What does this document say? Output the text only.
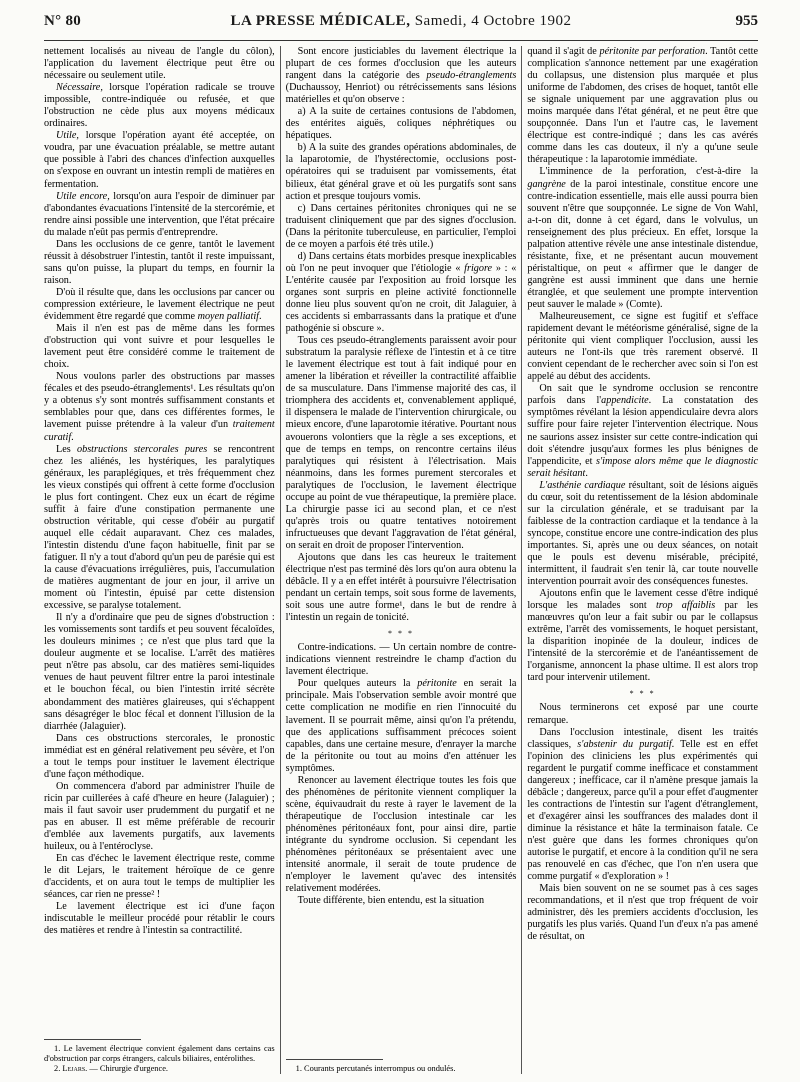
N° 80	LA PRESSE MÉDICALE, Samedi, 4 Octobre 1902	955

nettement localisés au niveau de l'angle du côlon), l'application du lavement électrique peut être ou nécessaire ou seulement utile.

Nécessaire, lorsque l'opération radicale se trouve impossible, contre-indiquée ou refusée, et que l'obstruction ne cède plus aux moyens médicaux ordinaires.

Utile, lorsque l'opération ayant été acceptée, on voudra, par une évacuation préalable, se mettre autant que possible à l'abri des chances d'infection auxquelles on s'expose en ouvrant un intestin rempli de matières en fermentation.

Utile encore, lorsqu'on aura l'espoir de diminuer par d'abondantes évacuations l'intensité de la stercorémie, et rendre ainsi possible une intervention, que l'état précaire du malade n'eût pas permis d'entreprendre.

Dans les occlusions de ce genre, tantôt le lavement réussit à désobstruer l'intestin, tantôt il reste impuissant, sans qu'on puisse, la plupart du temps, en fournir la raison.

D'où il résulte que, dans les occlusions par cancer ou compression extérieure, le lavement électrique ne peut évidemment être regardé que comme moyen palliatif.

Mais il n'en est pas de même dans les formes d'obstruction qui vont suivre et pour lesquelles le lavement peut être considéré comme le traitement de choix.

Nous voulons parler des obstructions par masses fécales et des pseudo-étranglements¹. Les résultats qu'on y a obtenus s'y sont montrés suffisamment constants et semblables pour que, dans ces différentes formes, le lavement puisse prétendre à la valeur d'un traitement curatif.

Les obstructions stercorales pures se rencontrent chez les aliénés, les hystériques, les paralytiques généraux, les paraplégiques, et très fréquemment chez les vieux constipés qui offrent à cette forme d'occlusion le plus fort contingent. Chez eux un écart de régime suffit à faire d'une constipation permanente une obstruction véritable, qui cesse d'obéir au purgatif auquel elle cédait auparavant. Chez ces malades, l'intestin distendu d'une façon habituelle, finit par se fatiguer. Il n'y a tout d'abord qu'un peu de parésie qui est la cause d'évacuations irrégulières, puis, l'accumulation de matières augmentant de jour en jour, il arrive un moment où l'intestin, épuisé par cette distension excessive, se paralyse totalement.

Il n'y a d'ordinaire que peu de signes d'obstruction : les vomissements sont tardifs et peu souvent fécaloïdes, les douleurs minimes ; ce n'est que plus tard que la douleur augmente et se localise. L'arrêt des matières peut n'être pas absolu, car des matières semi-liquides venues de haut peuvent filtrer entre la paroi intestinale et le bouchon fécal, ou bien l'intestin irrité sécrète abondamment des matières glaireuses, qui s'échappent sans désagréger le bloc fécal et donnent l'illusion de la diarrhée (Jalaguier).

Dans ces obstructions stercorales, le pronostic immédiat est en général relativement peu sévère, et l'on a tout le temps pour instituer le lavement électrique d'une façon méthodique.

On commencera d'abord par administrer l'huile de ricin par cuillerées à café d'heure en heure (Jalaguier) ; mais il faut savoir user prudemment du purgatif et ne pas en abuser. Il est même préférable de recourir d'emblée aux lavements purgatifs, aux lavements huileux, ou à l'entéroclyse.

En cas d'échec le lavement électrique reste, comme le dit Lejars, le traitement héroïque de ce genre d'accidents, et on aura tout le temps de multiplier les séances, car rien ne presse² !

Le lavement électrique est ici d'une façon indiscutable le meilleur procédé pour rétablir le cours des matières et rendre à l'intestin sa contractilité.

1. Le lavement électrique convient également dans certains cas d'obstruction par corps étrangers, calculs biliaires, entérolithes.

2. Lejars. — Chirurgie d'urgence.

Sont encore justiciables du lavement électrique la plupart de ces formes d'occlusion que les auteurs rangent dans la catégorie des pseudo-étranglements (Duchaussoy, Henriot) ou rétrécissements sans lésions matérielles et qu'on observe :

a) A la suite de certaines contusions de l'abdomen, des entérites aiguës, coliques néphrétiques ou hépatiques.

b) A la suite des grandes opérations abdominales, de la laparotomie, de l'hystérectomie, occlusions post-opératoires qui se traduisent par vomissements, état bilieux, état général grave et où les purgatifs sont sans action et presque toujours vomis.

c) Dans certaines péritonites chroniques qui ne se traduisent cliniquement que par des signes d'occlusion. (Dans la péritonite tuberculeuse, en particulier, l'emploi de ce moyen a parfois été très utile.)

d) Dans certains états morbides presque inexplicables où l'on ne peut invoquer que l'étiologie « frigore » : « L'entérite causée par l'exposition au froid lorsque les organes sont surpris en pleine activité fonctionnelle donne lieu plus souvent qu'on ne croit, dit Jalaguier, à ces accidents si embarrassants dans la pratique et d'une pathogénie si obscure ».

Tous ces pseudo-étranglements paraissent avoir pour substratum la paralysie réflexe de l'intestin et à ce titre le lavement électrique est tout à fait indiqué pour en amener la libération et réveiller la contractilité affaiblie de sa musculature. Dans l'immense majorité des cas, il triomphera des accidents et, convenablement appliqué, il dispensera le malade de l'intervention chirurgicale, ou mieux encore, d'une laparotomie itérative. Pourtant nous avouerons volontiers que la règle a ses exceptions, et que de temps en temps, on rencontre certains iléus paralytiques qui résistent à l'électrisation. Mais néanmoins, dans les formes purement stercorales et paralytiques de l'occlusion, le lavement électrique occupe au point de vue thérapeutique, la première place. La chirurgie passe ici au second plan, et ce n'est qu'après trois ou quatre tentatives notoirement infructueuses que devant l'aggravation de l'état général, on serait en droit de proposer l'intervention.

Ajoutons que dans les cas heureux le traitement électrique n'est pas terminé dès lors qu'on aura obtenu la débâcle. Il y a en effet intérêt à poursuivre l'électrisation pendant un certain temps, soit sous forme de lavements, soit sous une autre forme¹, dans le but de rendre à l'intestin un regain de tonicité.

* * *

Contre-indications. — Un certain nombre de contre-indications viennent restreindre le champ d'action du lavement électrique.

Pour quelques auteurs la péritonite en serait la principale. Mais l'observation semble avoir montré que cette complication ne modifie en rien l'innocuité du lavement. Il se pourrait même, ainsi qu'on l'a prétendu, que des applications suffisamment précoces soient capables, dans une certaine mesure, d'enrayer la marche de la péritonite ou tout au moins d'en atténuer les symptômes.

Renoncer au lavement électrique toutes les fois que des phénomènes de péritonite viennent compliquer la scène, équivaudrait du reste à rayer le lavement de la thérapeutique de l'occlusion intestinale car les phénomènes péritonéaux font, pour ainsi dire, partie intégrante du syndrome occlusion. Si cependant les phénomènes péritonéaux se présentaient avec une intensité anormale, il serait de toute prudence de n'employer le lavement qu'avec des intensités relativement modérées.

Toute différente, bien entendu, est la situation

1. Courants percutanés interrompus ou ondulés.

quand il s'agit de péritonite par perforation. Tantôt cette complication s'annonce nettement par une exagération du collapsus, une distension plus marquée et plus uniforme de l'abdomen, des crises de hoquet, tantôt elle se signale uniquement par une aggravation plus ou moins marquée dans l'état général, et ne peut être que soupçonnée. Dans l'un et l'autre cas, le lavement électrique est contre-indiqué ; dans les cas avérés comme dans les cas douteux, il n'y a qu'une seule thérapeutique : la laparotomie immédiate.

L'imminence de la perforation, c'est-à-dire la gangrène de la paroi intestinale, constitue encore une contre-indication essentielle, mais elle aussi pourra bien souvent n'être que soupçonnée. Le signe de Von Wahl, a-t-on dit, donne à cet égard, dans le volvulus, un renseignement des plus précieux. En effet, lorsque la palpation attentive révèle une anse intestinale distendue, résistante, fixe, et ne présentant aucun mouvement péristaltique, on peut « affirmer que le danger de gangrène est aussi imminent que dans une hernie étranglée, et que seulement une prompte intervention peut sauver le malade » (Comte).

Malheureusement, ce signe est fugitif et s'efface rapidement devant le météorisme généralisé, signe de la péritonite qui vient compliquer l'occlusion, aussi les auteurs ne l'ont-ils que très rarement observé. Il convient cependant de le rechercher avec soin si l'on est appelé au début des accidents.

On sait que le syndrome occlusion se rencontre parfois dans l'appendicite. La constatation des symptômes révélant la lésion appendiculaire devra alors suffire pour faire rejeter l'intervention électrique. Nous ne saurions assez insister sur cette contre-indication qui doit s'étendre jusqu'aux formes les plus bénignes de l'appendicite, et s'impose alors même que le diagnostic serait hésitant.

L'asthénie cardiaque résultant, soit de lésions aiguës du cœur, soit du retentissement de la lésion abdominale sur la circulation générale, et se traduisant par la faiblesse de la contraction cardiaque et la tendance à la syncope, constitue encore une contre-indication des plus importantes. Si, après une ou deux séances, on notait que le pouls est devenu misérable, précipité, intermittent, il faudrait s'en tenir là, car toute nouvelle intervention pourrait avoir des conséquences funestes.

Ajoutons enfin que le lavement cesse d'être indiqué lorsque les malades sont trop affaiblis par les manœuvres qu'on leur a fait subir ou par le collapsus extrême, l'arrêt des vomissements, le hoquet persistant, la disparition inopinée de la douleur, indices de l'intensité de la stercorémie et de l'anéantissement de l'organisme, annoncent la phase ultime. Il est alors trop tard pour intervenir utilement.

* * *

Nous terminerons cet exposé par une courte remarque.

Dans l'occlusion intestinale, disent les traités classiques, s'abstenir du purgatif. Telle est en effet l'opinion des cliniciens les plus expérimentés qui regardent le purgatif comme inefficace et constamment dangereux ; inefficace, car il n'amène presque jamais la débâcle ; dangereux, parce qu'il a pour effet d'augmenter les contractions de l'intestin sur l'agent d'étranglement, et d'exagérer ainsi les souffrances des malades dont il diminue la résistance et hâte la terminaison fatale. Ce n'est guère que dans les formes chroniques qu'on autorise le purgatif, et encore à la condition qu'il ne sera pas renouvelé en cas d'échec, que l'on n'en usera que comme purgatif « d'exploration » !

Mais bien souvent on ne se soumet pas à ces sages recommandations, et il n'est que trop fréquent de voir administrer, dès les premiers accidents d'occlusion, les purgatifs les plus variés. Quand l'un d'eux n'a pas amené de résultat, on
